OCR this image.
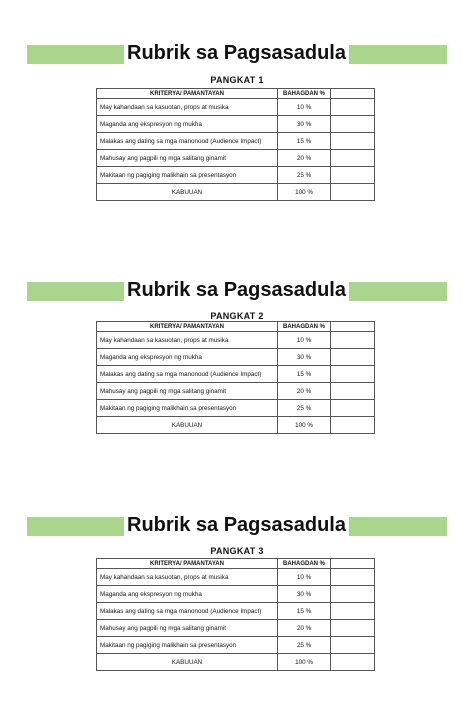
Rubrik sa Pagsasadula
PANGKAT 1
KRITERYA/ PAMANTAYAN	BAHAGDAN %	
May kahandaan sa kasuotan, props at musika	10 %	
Maganda ang ekspresyon ng mukha	30 %	
Malakas ang dating sa mga manonood (Audience Impact)	15 %	
Mahusay ang pagpili ng mga salitang ginamit	20 %	
Makitaan ng pagiging malikhain sa presentasyon	25 %	
KABUUAN	100 %	
Rubrik sa Pagsasadula
PANGKAT 2
KRITERYA/ PAMANTAYAN	BAHAGDAN %	
May kahandaan sa kasuotan, props at musika	10 %	
Maganda ang ekspresyon ng mukha	30 %	
Malakas ang dating sa mga manonood (Audience Impact)	15 %	
Mahusay ang pagpili ng mga salitang ginamit	20 %	
Makitaan ng pagiging malikhain sa presentasyon	25 %	
KABUUAN	100 %	
Rubrik sa Pagsasadula
PANGKAT 3
KRITERYA/ PAMANTAYAN	BAHAGDAN %	
May kahandaan sa kasuotan, props at musika	10 %	
Maganda ang ekspresyon ng mukha	30 %	
Malakas ang dating sa mga manonood (Audience Impact)	15 %	
Mahusay ang pagpili ng mga salitang ginamit	20 %	
Makitaan ng pagiging malikhain sa presentasyon	25 %	
KABUUAN	100 %	
